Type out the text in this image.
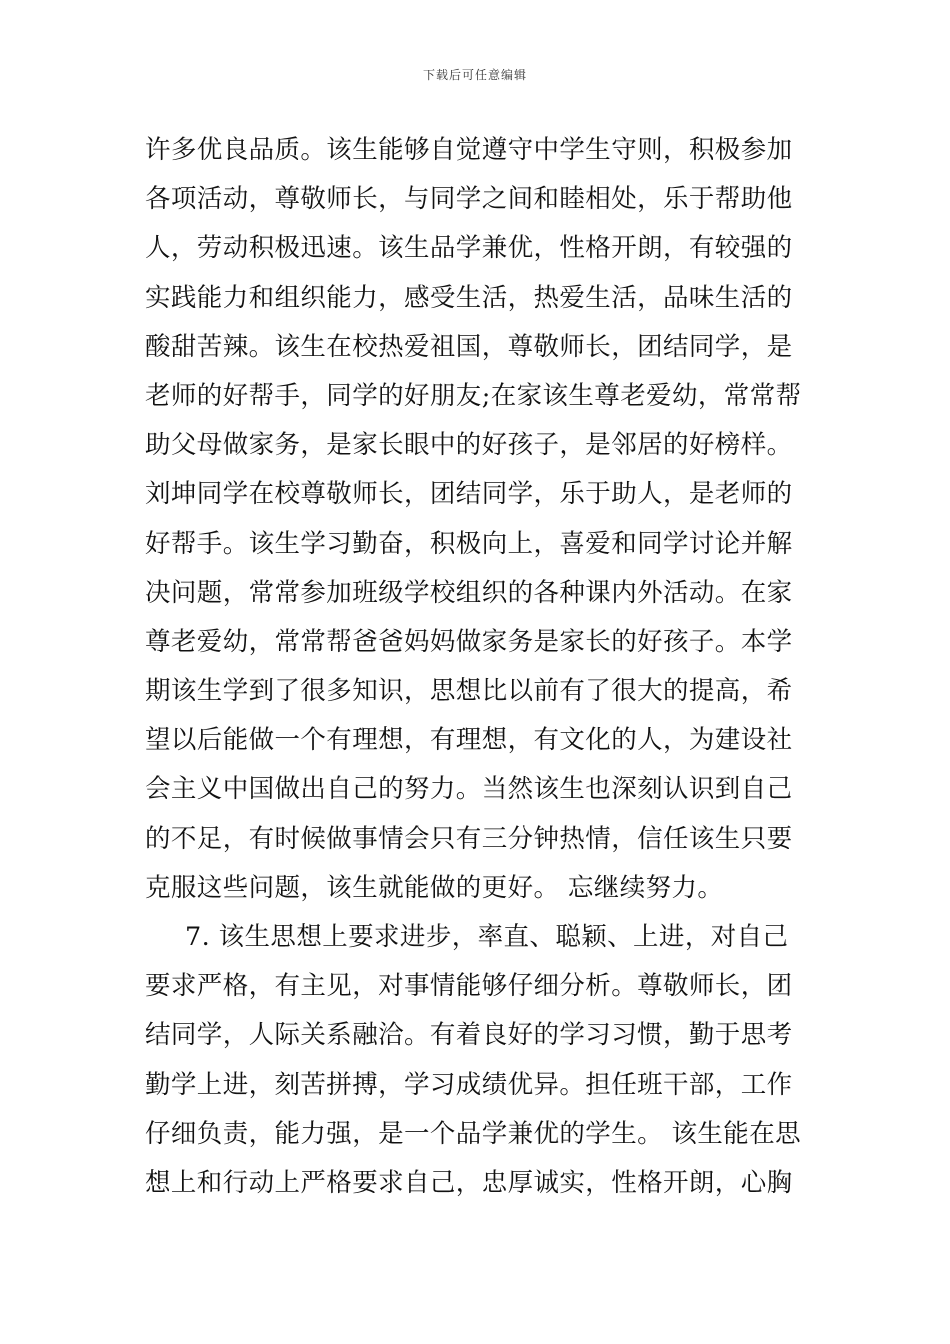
下载后可任意编辑
许多优良品质。该生能够自觉遵守中学生守则，积极参加
各项活动，尊敬师长，与同学之间和睦相处，乐于帮助他
人，劳动积极迅速。该生品学兼优，性格开朗，有较强的
实践能力和组织能力，感受生活，热爱生活，品味生活的
酸甜苦辣。该生在校热爱祖国，尊敬师长，团结同学，是
老师的好帮手，同学的好朋友;在家该生尊老爱幼，常常帮
助父母做家务，是家长眼中的好孩子，是邻居的好榜样。
刘坤同学在校尊敬师长，团结同学，乐于助人，是老师的
好帮手。该生学习勤奋，积极向上，喜爱和同学讨论并解
决问题，常常参加班级学校组织的各种课内外活动。在家
尊老爱幼，常常帮爸爸妈妈做家务是家长的好孩子。本学
期该生学到了很多知识，思想比以前有了很大的提高，希
望以后能做一个有理想，有理想，有文化的人，为建设社
会主义中国做出自己的努力。当然该生也深刻认识到自己
的不足，有时候做事情会只有三分钟热情，信任该生只要
克服这些问题，该生就能做的更好。 忘继续努力。
7. 该生思想上要求进步，率直、聪颖、上进，对自己
要求严格，有主见，对事情能够仔细分析。尊敬师长，团
结同学，人际关系融洽。有着良好的学习习惯，勤于思考
勤学上进，刻苦拼搏，学习成绩优异。担任班干部，工作
仔细负责，能力强，是一个品学兼优的学生。 该生能在思
想上和行动上严格要求自己，忠厚诚实，性格开朗，心胸
